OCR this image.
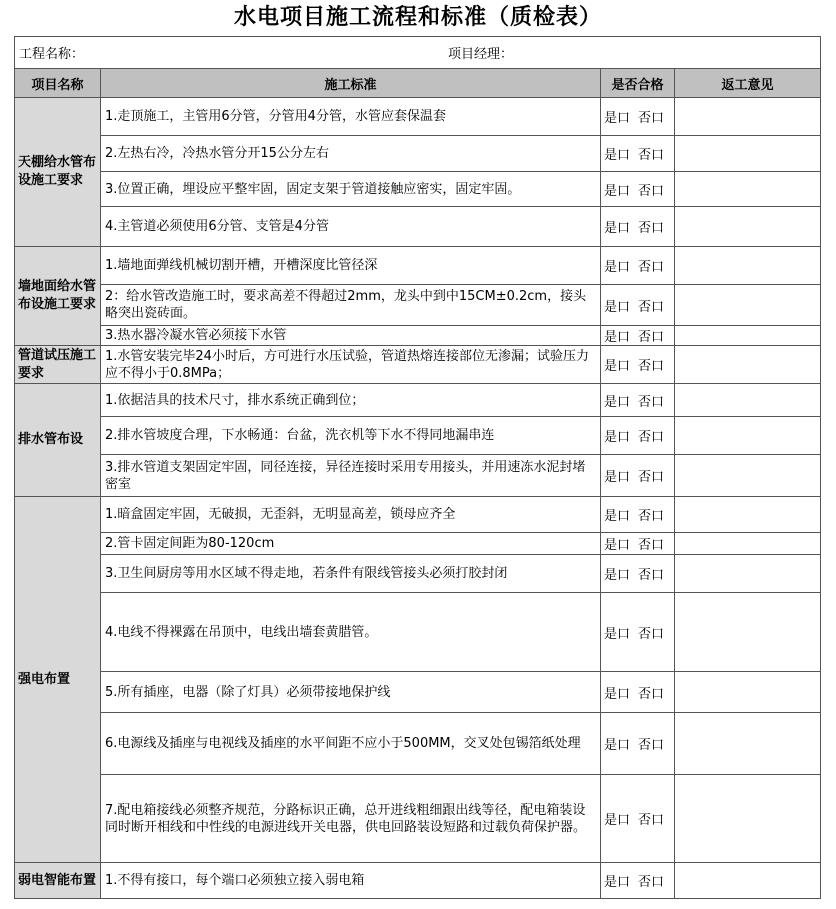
水电项目施工流程和标准（质检表）
工程名称： 项目经理：			
项目名称	施工标准	是否合格	返工意见
天棚给水管布设施工要求	1.走顶施工，主管用6分管，分管用4分管，水管应套保温套	是口 否口	
	2.左热右冷，冷热水管分开15公分左右	是口 否口	
	3.位置正确，埋设应平整牢固，固定支架于管道接触应密实，固定牢固。	是口 否口	
	4.主管道必须使用6分管、支管是4分管	是口 否口	
墙地面给水管布设施工要求	1.墙地面弹线机械切割开槽，开槽深度比管径深	是口 否口	
	2：给水管改造施工时，要求高差不得超过2mm，龙头中到中15CM±0.2cm，接头略突出瓷砖面。	是口 否口	
	3.热水器冷凝水管必须接下水管	是口 否口	
管道试压施工要求	1.水管安装完毕24小时后，方可进行水压试验，管道热熔连接部位无渗漏；试验压力应不得小于0.8MPa；	是口 否口	
排水管布设	1.依据洁具的技术尺寸，排水系统正确到位；	是口 否口	
	2.排水管坡度合理，下水畅通：台盆，洗衣机等下水不得同地漏串连	是口 否口	
	3.排水管道支架固定牢固，同径连接，异径连接时采用专用接头，并用速冻水泥封堵密室	是口 否口	
强电布置	1.暗盒固定牢固，无破损，无歪斜，无明显高差，锁母应齐全	是口 否口	
	2.管卡固定间距为80-120cm	是口 否口	
	3.卫生间厨房等用水区域不得走地，若条件有限线管接头必须打胶封闭	是口 否口	
	4.电线不得裸露在吊顶中，电线出墙套黄腊管。	是口 否口	
	5.所有插座，电器（除了灯具）必须带接地保护线	是口 否口	
	6.电源线及插座与电视线及插座的水平间距不应小于500MM，交叉处包锡箔纸处理	是口 否口	
	7.配电箱接线必须整齐规范，分路标识正确，总开进线粗细跟出线等径，配电箱装设同时断开相线和中性线的电源进线开关电器，供电回路装设短路和过载负荷保护器。	是口 否口	
弱电智能布置	1.不得有接口，每个端口必须独立接入弱电箱	是口 否口	
